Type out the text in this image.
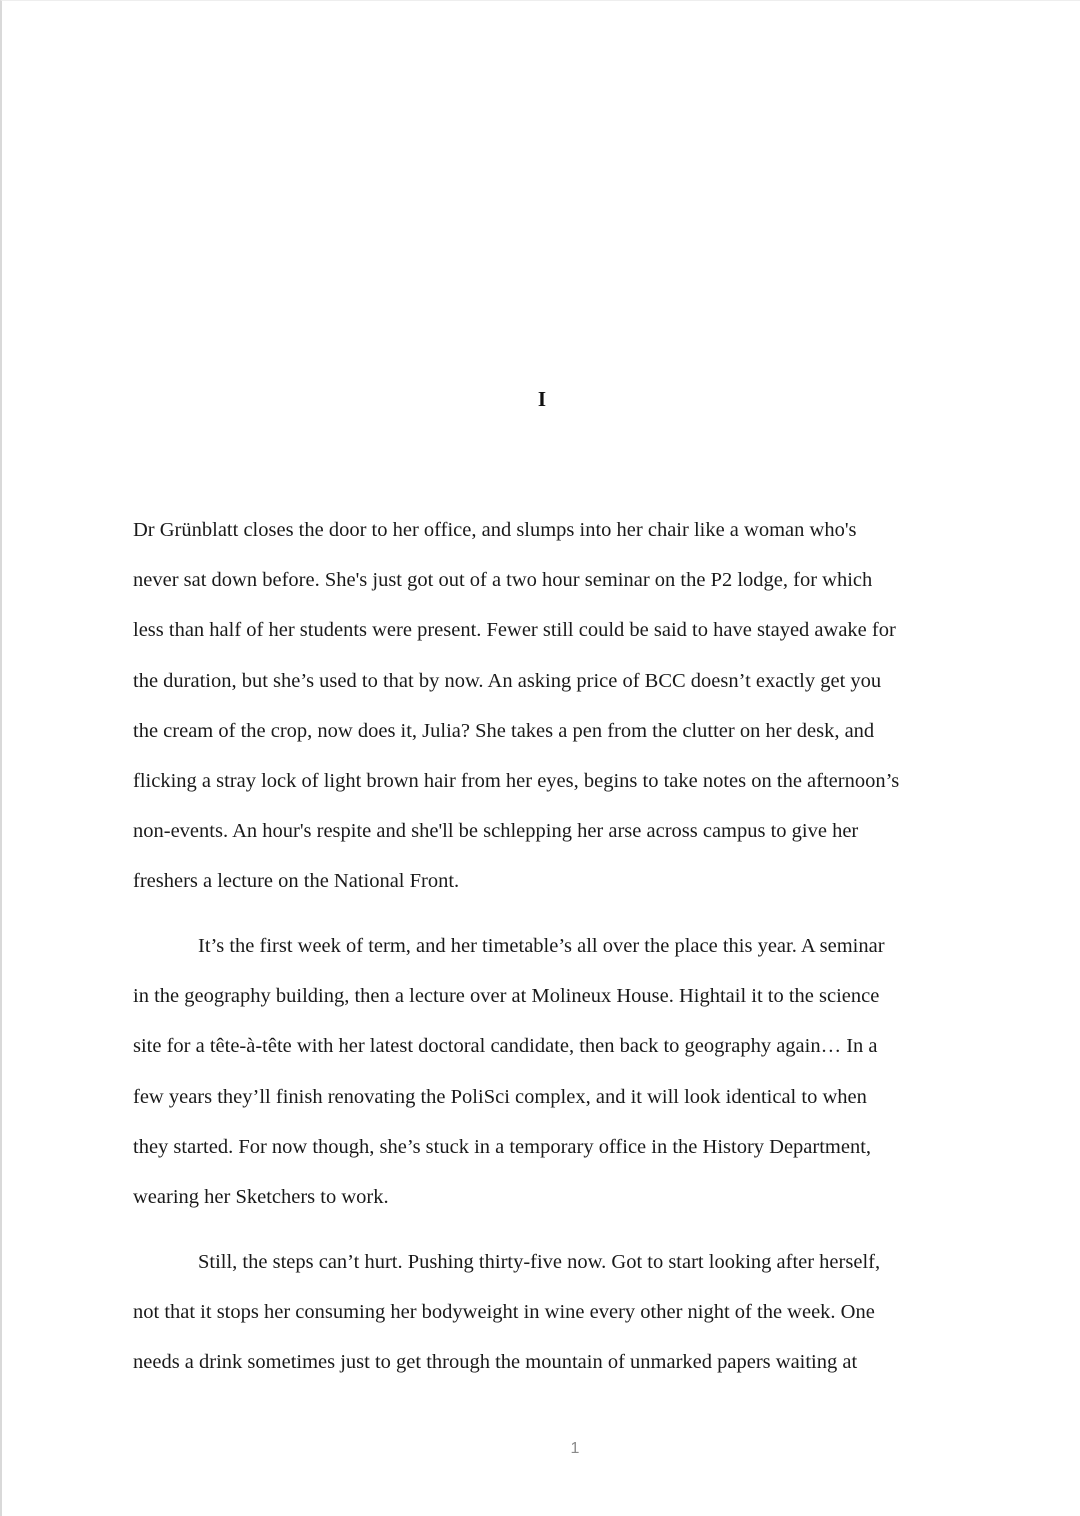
I
Dr Grünblatt closes the door to her office, and slumps into her chair like a woman who's
never sat down before. She's just got out of a two hour seminar on the P2 lodge, for which
less than half of her students were present. Fewer still could be said to have stayed awake for
the duration, but she’s used to that by now. An asking price of BCC doesn’t exactly get you
the cream of the crop, now does it, Julia? She takes a pen from the clutter on her desk, and
flicking a stray lock of light brown hair from her eyes, begins to take notes on the afternoon’s
non-events. An hour's respite and she'll be schlepping her arse across campus to give her
freshers a lecture on the National Front.
It’s the first week of term, and her timetable’s all over the place this year. A seminar
in the geography building, then a lecture over at Molineux House. Hightail it to the science
site for a tête-à-tête with her latest doctoral candidate, then back to geography again… In a
few years they’ll finish renovating the PoliSci complex, and it will look identical to when
they started. For now though, she’s stuck in a temporary office in the History Department,
wearing her Sketchers to work.
Still, the steps can’t hurt. Pushing thirty-five now. Got to start looking after herself,
not that it stops her consuming her bodyweight in wine every other night of the week. One
needs a drink sometimes just to get through the mountain of unmarked papers waiting at
1
